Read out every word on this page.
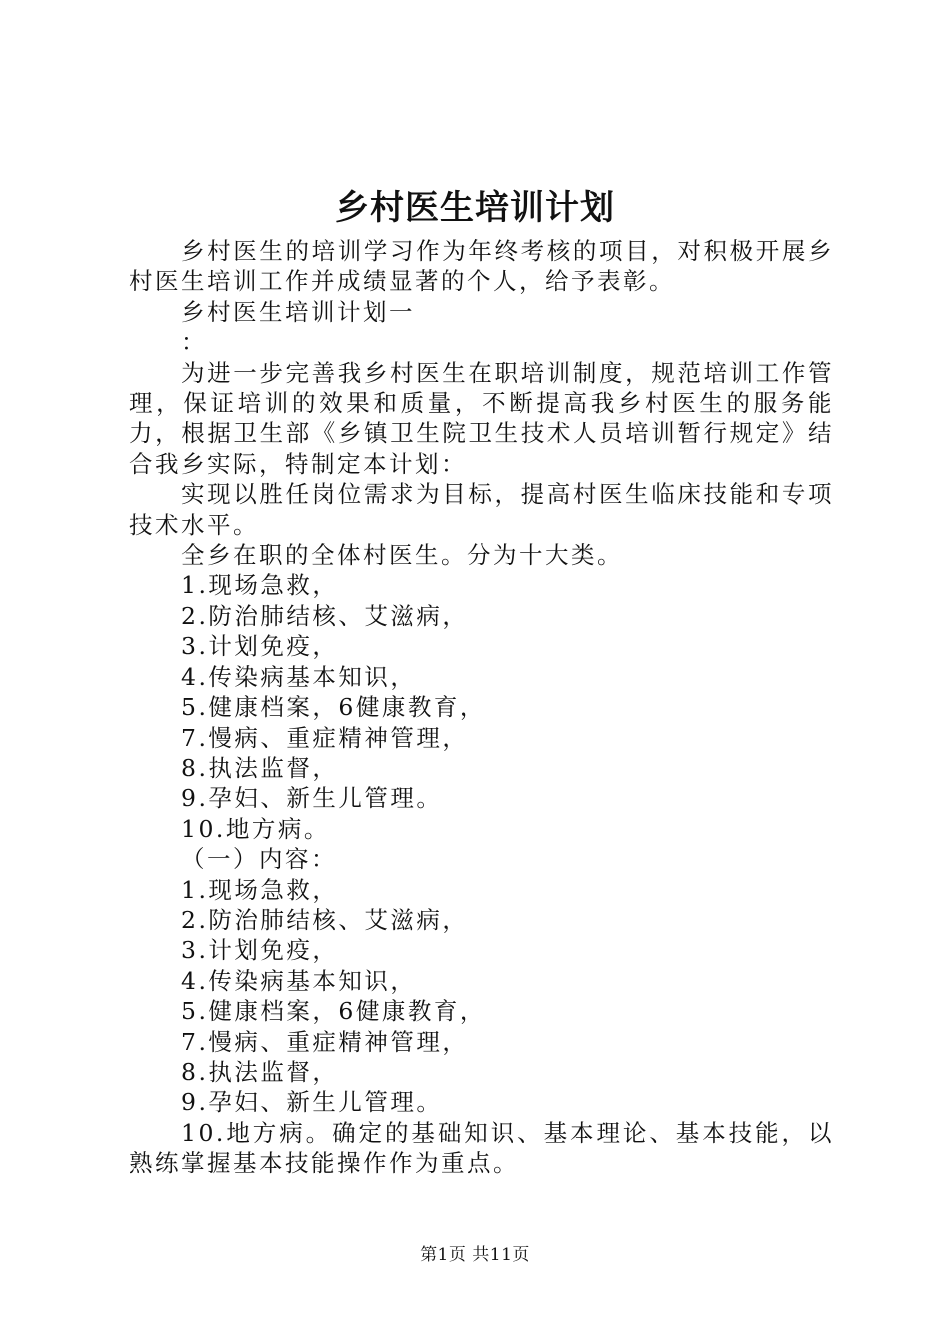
乡村医生培训计划

乡村医生的培训学习作为年终考核的项目，对积极开展乡村医生培训工作并成绩显著的个人，给予表彰。

乡村医生培训计划一

：

为进一步完善我乡村医生在职培训制度，规范培训工作管理，保证培训的效果和质量，不断提高我乡村医生的服务能力，根据卫生部《乡镇卫生院卫生技术人员培训暂行规定》结合我乡实际，特制定本计划：

实现以胜任岗位需求为目标，提高村医生临床技能和专项技术水平。

全乡在职的全体村医生。分为十大类。

1.现场急救，

2.防治肺结核、艾滋病，

3.计划免疫，

4.传染病基本知识，

5.健康档案，6健康教育，

7.慢病、重症精神管理，

8.执法监督，

9.孕妇、新生儿管理。

10.地方病。

（一）内容：

1.现场急救，

2.防治肺结核、艾滋病，

3.计划免疫，

4.传染病基本知识，

5.健康档案，6健康教育，

7.慢病、重症精神管理，

8.执法监督，

9.孕妇、新生儿管理。

10.地方病。确定的基础知识、基本理论、基本技能，以熟练掌握基本技能操作作为重点。

第1页 共11页
